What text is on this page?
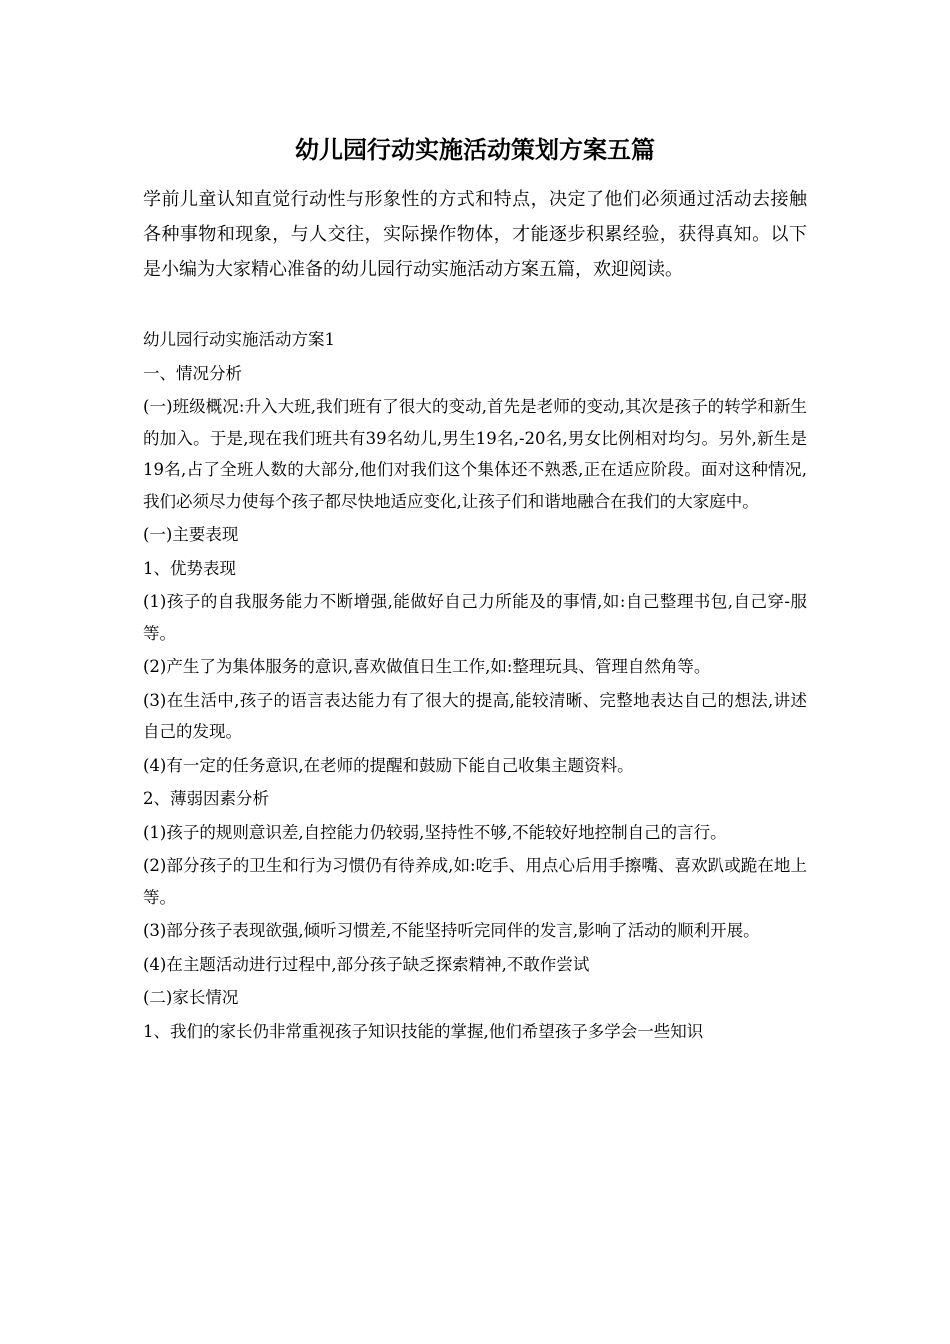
幼儿园行动实施活动策划方案五篇

学前儿童认知直觉行动性与形象性的方式和特点，决定了他们必须通过活动去接触各种事物和现象，与人交往，实际操作物体，才能逐步积累经验，获得真知。以下是小编为大家精心准备的幼儿园行动实施活动方案五篇，欢迎阅读。

幼儿园行动实施活动方案1

一、情况分析

(一)班级概况:升入大班,我们班有了很大的变动,首先是老师的变动,其次是孩子的转学和新生的加入。于是,现在我们班共有39名幼儿,男生19名,-20名,男女比例相对均匀。另外,新生是19名,占了全班人数的大部分,他们对我们这个集体还不熟悉,正在适应阶段。面对这种情况,我们必须尽力使每个孩子都尽快地适应变化,让孩子们和谐地融合在我们的大家庭中。

(一)主要表现

1、优势表现

(1)孩子的自我服务能力不断增强,能做好自己力所能及的事情,如:自己整理书包,自己穿-服等。

(2)产生了为集体服务的意识,喜欢做值日生工作,如:整理玩具、管理自然角等。

(3)在生活中,孩子的语言表达能力有了很大的提高,能较清晰、完整地表达自己的想法,讲述自己的发现。

(4)有一定的任务意识,在老师的提醒和鼓励下能自己收集主题资料。

2、薄弱因素分析

(1)孩子的规则意识差,自控能力仍较弱,坚持性不够,不能较好地控制自己的言行。

(2)部分孩子的卫生和行为习惯仍有待养成,如:吃手、用点心后用手擦嘴、喜欢趴或跪在地上等。

(3)部分孩子表现欲强,倾听习惯差,不能坚持听完同伴的发言,影响了活动的顺利开展。

(4)在主题活动进行过程中,部分孩子缺乏探索精神,不敢作尝试

(二)家长情况

1、我们的家长仍非常重视孩子知识技能的掌握,他们希望孩子多学会一些知识
